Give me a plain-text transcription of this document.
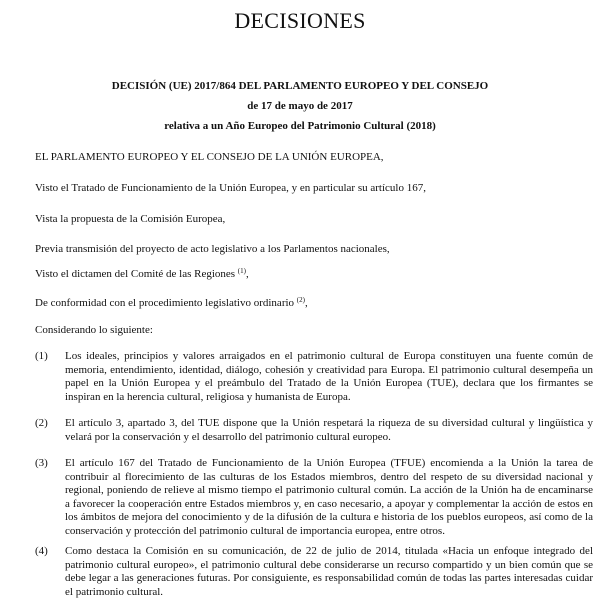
DECISIONES
DECISIÓN (UE) 2017/864 DEL PARLAMENTO EUROPEO Y DEL CONSEJO
de 17 de mayo de 2017
relativa a un Año Europeo del Patrimonio Cultural (2018)
EL PARLAMENTO EUROPEO Y EL CONSEJO DE LA UNIÓN EUROPEA,
Visto el Tratado de Funcionamiento de la Unión Europea, y en particular su artículo 167,
Vista la propuesta de la Comisión Europea,
Previa transmisión del proyecto de acto legislativo a los Parlamentos nacionales,
Visto el dictamen del Comité de las Regiones $^{(1)}$,
De conformidad con el procedimiento legislativo ordinario $^{(2)}$,
Considerando lo siguiente:
(1)	Los ideales, principios y valores arraigados en el patrimonio cultural de Europa constituyen una fuente común de memoria, entendimiento, identidad, diálogo, cohesión y creatividad para Europa. El patrimonio cultural desempeña un papel en la Unión Europea y el preámbulo del Tratado de la Unión Europea (TUE), declara que los firmantes se inspiran en la herencia cultural, religiosa y humanista de Europa.
(2)	El artículo 3, apartado 3, del TUE dispone que la Unión respetará la riqueza de su diversidad cultural y lingüística y velará por la conservación y el desarrollo del patrimonio cultural europeo.
(3)	El artículo 167 del Tratado de Funcionamiento de la Unión Europea (TFUE) encomienda a la Unión la tarea de contribuir al florecimiento de las culturas de los Estados miembros, dentro del respeto de su diversidad nacional y regional, poniendo de relieve al mismo tiempo el patrimonio cultural común. La acción de la Unión ha de encaminarse a favorecer la cooperación entre Estados miembros y, en caso necesario, a apoyar y complementar la acción de estos en los ámbitos de mejora del conocimiento y de la difusión de la cultura e historia de los pueblos europeos, así como de la conservación y protección del patrimonio cultural de importancia europea, entre otros.
(4)	Como destaca la Comisión en su comunicación, de 22 de julio de 2014, titulada «Hacia un enfoque integrado del patrimonio cultural europeo», el patrimonio cultural debe considerarse un recurso compartido y un bien común que se debe legar a las generaciones futuras. Por consiguiente, es responsabilidad común de todas las partes interesadas cuidar el patrimonio cultural.
